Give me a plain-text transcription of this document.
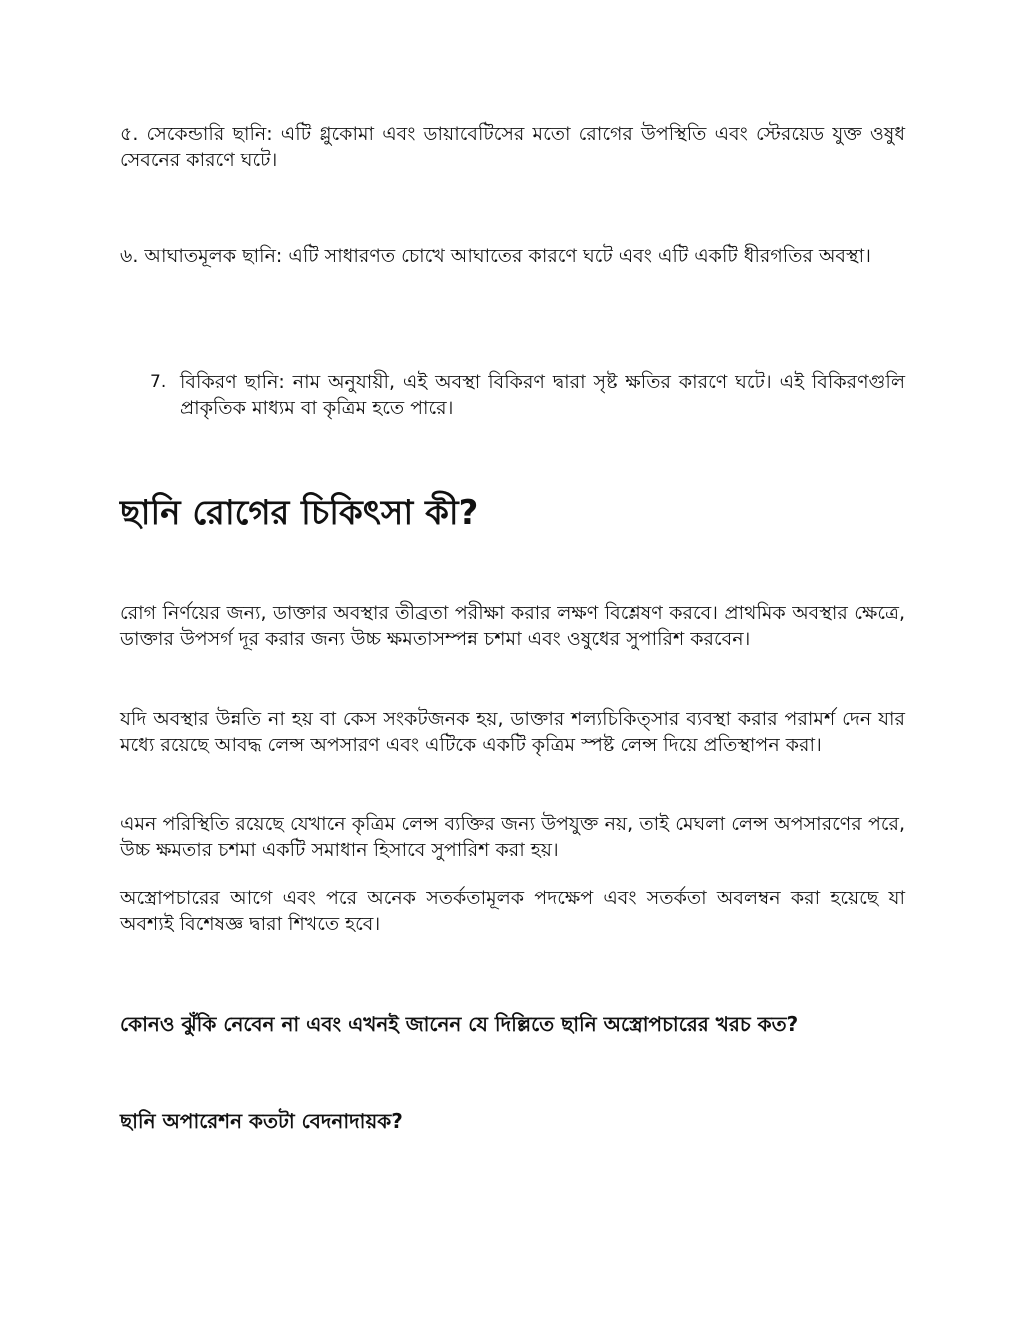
৫. সেকেন্ডারি ছানি: এটি গ্লুকোমা এবং ডায়াবেটিসের মতো রোগের উপস্থিতি এবং স্টেরয়েড যুক্ত ওষুধ সেবনের কারণে ঘটে।

৬. আঘাতমূলক ছানি: এটি সাধারণত চোখে আঘাতের কারণে ঘটে এবং এটি একটি ধীরগতির অবস্থা।

7. বিকিরণ ছানি: নাম অনুযায়ী, এই অবস্থা বিকিরণ দ্বারা সৃষ্ট ক্ষতির কারণে ঘটে। এই বিকিরণগুলি প্রাকৃতিক মাধ্যম বা কৃত্রিম হতে পারে।

ছানি রোগের চিকিৎসা কী?

রোগ নির্ণয়ের জন্য, ডাক্তার অবস্থার তীব্রতা পরীক্ষা করার লক্ষণ বিশ্লেষণ করবে। প্রাথমিক অবস্থার ক্ষেত্রে, ডাক্তার উপসর্গ দূর করার জন্য উচ্চ ক্ষমতাসম্পন্ন চশমা এবং ওষুধের সুপারিশ করবেন।

যদি অবস্থার উন্নতি না হয় বা কেস সংকটজনক হয়, ডাক্তার শল্যচিকিত্সার ব্যবস্থা করার পরামর্শ দেন যার মধ্যে রয়েছে আবদ্ধ লেন্স অপসারণ এবং এটিকে একটি কৃত্রিম স্পষ্ট লেন্স দিয়ে প্রতিস্থাপন করা।

এমন পরিস্থিতি রয়েছে যেখানে কৃত্রিম লেন্স ব্যক্তির জন্য উপযুক্ত নয়, তাই মেঘলা লেন্স অপসারণের পরে, উচ্চ ক্ষমতার চশমা একটি সমাধান হিসাবে সুপারিশ করা হয়।

অস্ত্রোপচারের আগে এবং পরে অনেক সতর্কতামূলক পদক্ষেপ এবং সতর্কতা অবলম্বন করা হয়েছে যা অবশ্যই বিশেষজ্ঞ দ্বারা শিখতে হবে।

কোনও ঝুঁকি নেবেন না এবং এখনই জানেন যে দিল্লিতে ছানি অস্ত্রোপচারের খরচ কত?
ছানি অপারেশন কতটা বেদনাদায়ক?
